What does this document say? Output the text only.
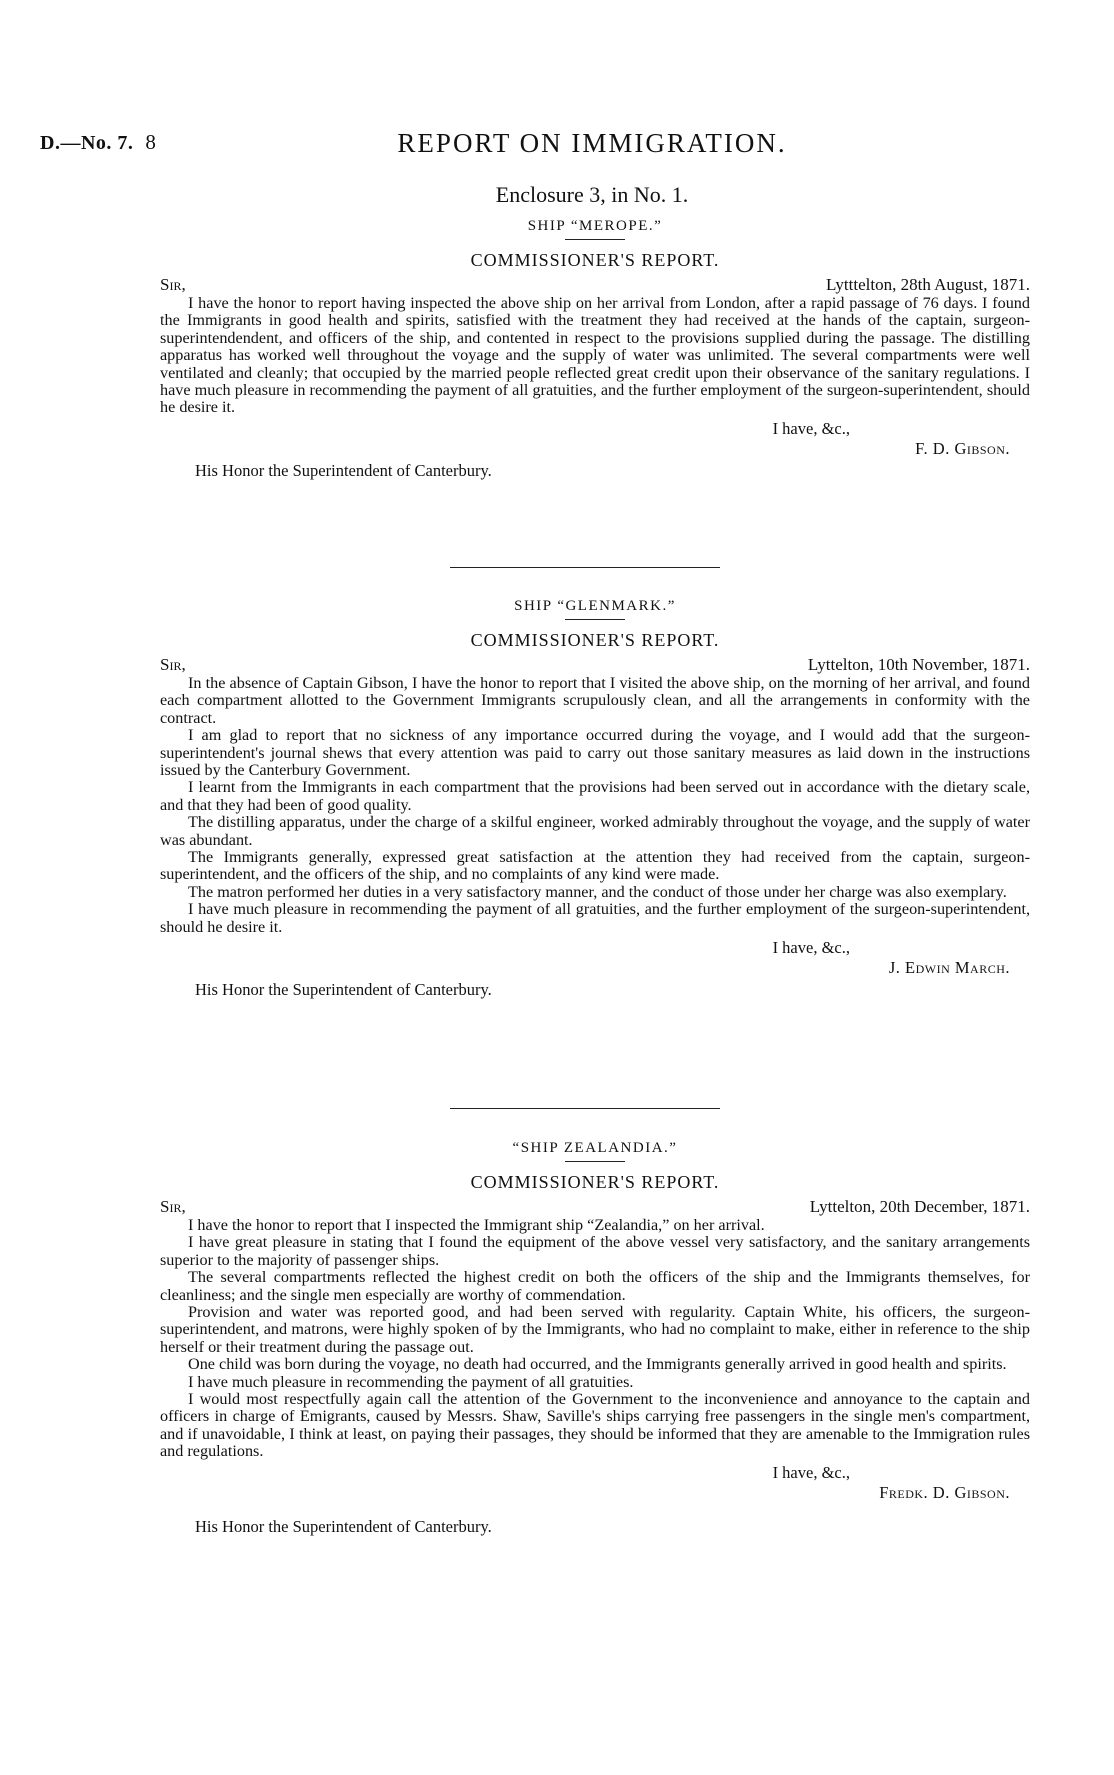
D.—No. 7. 8	REPORT ON IMMIGRATION.
Enclosure 3, in No. 1.
SHIP “MEROPE.”
COMMISSIONER'S REPORT.
Sir,	Lytttelton, 28th August, 1871.

I have the honor to report having inspected the above ship on her arrival from London, after a rapid passage of 76 days. I found the Immigrants in good health and spirits, satisfied with the treatment they had received at the hands of the captain, surgeon-superintendendent, and officers of the ship, and contented in respect to the provisions supplied during the passage. The distilling apparatus has worked well throughout the voyage and the supply of water was unlimited. The several compartments were well ventilated and cleanly; that occupied by the married people reflected great credit upon their observance of the sanitary regulations. I have much pleasure in recommending the payment of all gratuities, and the further employment of the surgeon-superintendent, should he desire it.

I have, &c.,
F. D. Gibson.
His Honor the Superintendent of Canterbury.
SHIP “GLENMARK.”
COMMISSIONER'S REPORT.
Sir,	Lyttelton, 10th November, 1871.

In the absence of Captain Gibson, I have the honor to report that I visited the above ship, on the morning of her arrival, and found each compartment allotted to the Government Immigrants scrupulously clean, and all the arrangements in conformity with the contract.

I am glad to report that no sickness of any importance occurred during the voyage, and I would add that the surgeon-superintendent's journal shews that every attention was paid to carry out those sanitary measures as laid down in the instructions issued by the Canterbury Government.

I learnt from the Immigrants in each compartment that the provisions had been served out in accordance with the dietary scale, and that they had been of good quality.

The distilling apparatus, under the charge of a skilful engineer, worked admirably throughout the voyage, and the supply of water was abundant.

The Immigrants generally, expressed great satisfaction at the attention they had received from the captain, surgeon-superintendent, and the officers of the ship, and no complaints of any kind were made.

The matron performed her duties in a very satisfactory manner, and the conduct of those under her charge was also exemplary.

I have much pleasure in recommending the payment of all gratuities, and the further employment of the surgeon-superintendent, should he desire it.

I have, &c.,
J. Edwin March.
His Honor the Superintendent of Canterbury.
“SHIP ZEALANDIA.”
COMMISSIONER'S REPORT.
Sir,	Lyttelton, 20th December, 1871.

I have the honor to report that I inspected the Immigrant ship “Zealandia,” on her arrival.

I have great pleasure in stating that I found the equipment of the above vessel very satisfactory, and the sanitary arrangements superior to the majority of passenger ships.

The several compartments reflected the highest credit on both the officers of the ship and the Immigrants themselves, for cleanliness; and the single men especially are worthy of commendation.

Provision and water was reported good, and had been served with regularity. Captain White, his officers, the surgeon-superintendent, and matrons, were highly spoken of by the Immigrants, who had no complaint to make, either in reference to the ship herself or their treatment during the passage out.

One child was born during the voyage, no death had occurred, and the Immigrants generally arrived in good health and spirits.

I have much pleasure in recommending the payment of all gratuities.

I would most respectfully again call the attention of the Government to the inconvenience and annoyance to the captain and officers in charge of Emigrants, caused by Messrs. Shaw, Saville's ships carrying free passengers in the single men's compartment, and if unavoidable, I think at least, on paying their passages, they should be informed that they are amenable to the Immigration rules and regulations.

I have, &c.,
Fredk. D. Gibson.
His Honor the Superintendent of Canterbury.
